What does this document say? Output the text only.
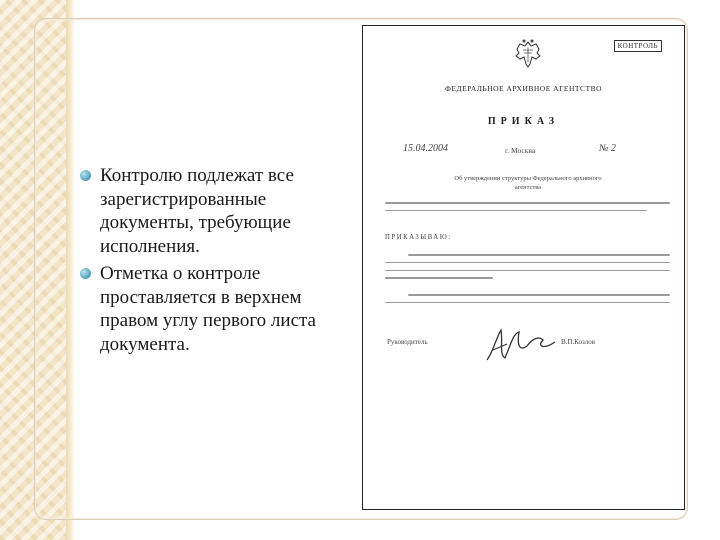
Контролю подлежат все зарегистрированные документы, требующие исполнения.
Отметка о контроле проставляется в верхнем правом углу первого листа документа.
КОНТРОЛЬ
ФЕДЕРАЛЬНОЕ АРХИВНОЕ АГЕНТСТВО
ПРИКАЗ
15.04.2004	г. Москва	№ 2
Об утверждении структуры Федерального архивного агентства
ПРИКАЗЫВАЮ:
Руководитель	В.П.Козлов
